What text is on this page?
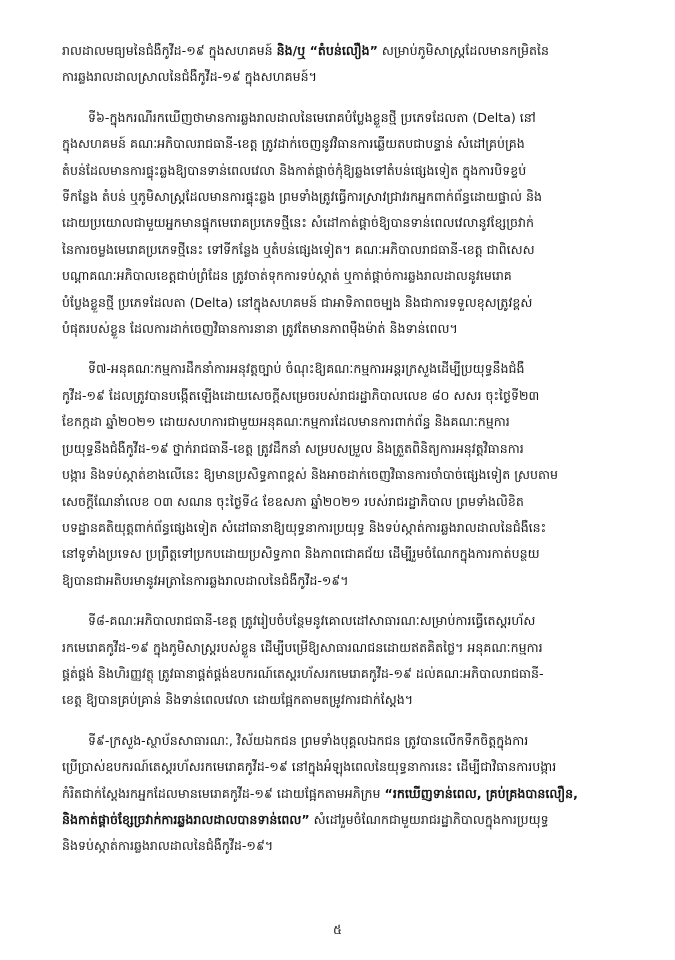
រាលដាលមធ្យមនៃជំងឺកូវីដ-១៩ ក្នុងសហគមន៍ និង/ឬ “តំបន់លឿង” សម្រាប់ភូមិសាស្ត្រដែលមានកម្រិតនៃ
ការឆ្លងរាលដាលស្រាលនៃជំងឺកូវីដ-១៩ ក្នុងសហគមន៍។

ទី៦-ក្នុងករណីរកឃើញថាមានការឆ្លងរាលដាលនៃមេរោគបំប្លែងខ្លួនថ្មី ប្រភេទដែលតា (Delta) នៅ
ក្នុងសហគមន៍ គណៈអភិបាលរាជធានី-ខេត្ត ត្រូវដាក់ចេញនូវវិធានការឆ្លើយតបជាបន្ទាន់ សំដៅគ្រប់គ្រង
តំបន់ដែលមានការផ្ទុះឆ្លងឱ្យបានទាន់ពេលវេលា និងកាត់ផ្ដាច់កុំឱ្យឆ្លងទៅតំបន់ផ្សេងទៀត ក្នុងការបិទខ្ទប់
ទីកន្លែង តំបន់ ឬភូមិសាស្ត្រដែលមានការផ្ទុះឆ្លង ព្រមទាំងត្រូវធ្វើការស្រាវជ្រាវរកអ្នកពាក់ព័ន្ធដោយផ្ទាល់ និង
ដោយប្រយោលជាមួយអ្នកមានផ្ទុកមេរោគប្រភេទថ្មីនេះ សំដៅកាត់ផ្ដាច់ឱ្យបានទាន់ពេលវេលានូវខ្សែច្រវាក់
នៃការចម្លងមេរោគប្រភេទថ្មីនេះ ទៅទីកន្លែង ឬតំបន់ផ្សេងទៀត។ គណៈអភិបាលរាជធានី-ខេត្ត ជាពិសេស
បណ្ដាគណៈអភិបាលខេត្តជាប់ព្រំដែន ត្រូវចាត់ទុកការទប់ស្កាត់ ឬកាត់ផ្ដាច់ការឆ្លងរាលដាលនូវមេរោគ
បំប្លែងខ្លួនថ្មី ប្រភេទដែលតា (Delta) នៅក្នុងសហគមន៍ ជាអាទិភាពចម្បង និងជាការទទួលខុសត្រូវខ្ពស់
បំផុតរបស់ខ្លួន ដែលការដាក់ចេញវិធានការនានា ត្រូវតែមានភាពម៉ឺងម៉ាត់ និងទាន់ពេល។

ទី៧-អនុគណៈកម្មការដឹកនាំការអនុវត្តច្បាប់ ចំណុះឱ្យគណៈកម្មការអន្តរក្រសួងដើម្បីប្រយុទ្ធនឹងជំងឺ
កូវីដ-១៩ ដែលត្រូវបានបង្កើតឡើងដោយសេចក្ដីសម្រេចរបស់រាជរដ្ឋាភិបាលលេខ ៨០ សសរ ចុះថ្ងៃទី២៣
ខែកក្កដា ឆ្នាំ២០២១ ដោយសហការជាមួយអនុគណៈកម្មការដែលមានការពាក់ព័ន្ធ និងគណៈកម្មការ
ប្រយុទ្ធនឹងជំងឺកូវីដ-១៩ ថ្នាក់រាជធានី-ខេត្ត ត្រូវដឹកនាំ សម្របសម្រួល និងត្រួតពិនិត្យការអនុវត្តវិធានការ
បង្ការ និងទប់ស្កាត់ខាងលើនេះ ឱ្យមានប្រសិទ្ធភាពខ្ពស់ និងអាចដាក់ចេញវិធានការចាំបាច់ផ្សេងទៀត ស្របតាម
សេចក្ដីណែនាំលេខ ០៣ សណន ចុះថ្ងៃទី៤ ខែឧសភា ឆ្នាំ២០២១ របស់រាជរដ្ឋាភិបាល ព្រមទាំងលិខិត
បទដ្ឋានគតិយុត្តពាក់ព័ន្ធផ្សេងទៀត សំដៅធានាឱ្យយុទ្ធនាការប្រយុទ្ធ និងទប់ស្កាត់ការឆ្លងរាលដាលនៃជំងឺនេះ
នៅទូទាំងប្រទេស ប្រព្រឹត្តទៅប្រកបដោយប្រសិទ្ធភាព និងភាពជោគជ័យ ដើម្បីរួមចំណែកក្នុងការកាត់បន្ថយ
ឱ្យបានជាអតិបរមានូវអត្រានៃការឆ្លងរាលដាលនៃជំងឺកូវីដ-១៩។

ទី៨-គណៈអភិបាលរាជធានី-ខេត្ត ត្រូវរៀបចំបន្ថែមនូវគោលដៅសាធារណៈសម្រាប់ការធ្វើតេស្តរហ័ស
រកមេរោគកូវីដ-១៩ ក្នុងភូមិសាស្ត្ររបស់ខ្លួន ដើម្បីបម្រើឱ្យសាធារណជនដោយឥតគិតថ្លៃ។ អនុគណៈកម្មការ
ផ្គត់ផ្គង់ និងហិរញ្ញវត្ថុ ត្រូវធានាផ្គត់ផ្គង់ឧបករណ៍តេស្តរហ័សរកមេរោគកូវីដ-១៩ ដល់គណៈអភិបាលរាជធានី-
ខេត្ត ឱ្យបានគ្រប់គ្រាន់ និងទាន់ពេលវេលា ដោយផ្អែកតាមតម្រូវការជាក់ស្ដែង។

ទី៩-ក្រសួង-ស្ថាប័នសាធារណៈ, វិស័យឯកជន ព្រមទាំងបុគ្គលឯកជន ត្រូវបានលើកទឹកចិត្តក្នុងការ
ប្រើប្រាស់ឧបករណ៍តេស្តរហ័សរកមេរោគកូវីដ-១៩ នៅក្នុងអំឡុងពេលនៃយុទ្ធនាការនេះ ដើម្បីជាវិធានការបង្ការ
កំរិតជាក់ស្ដែងរកអ្នកដែលមានមេរោគកូវីដ-១៩ ដោយផ្អែកតាមអភិក្រម “រកឃើញទាន់ពេល, គ្រប់គ្រងបានលឿន,
និងកាត់ផ្ដាច់ខ្សែច្រវាក់ការឆ្លងរាលដាលបានទាន់ពេល” សំដៅរួមចំណែកជាមួយរាជរដ្ឋាភិបាលក្នុងការប្រយុទ្ធ
និងទប់ស្កាត់ការឆ្លងរាលដាលនៃជំងឺកូវីដ-១៩។

៥
